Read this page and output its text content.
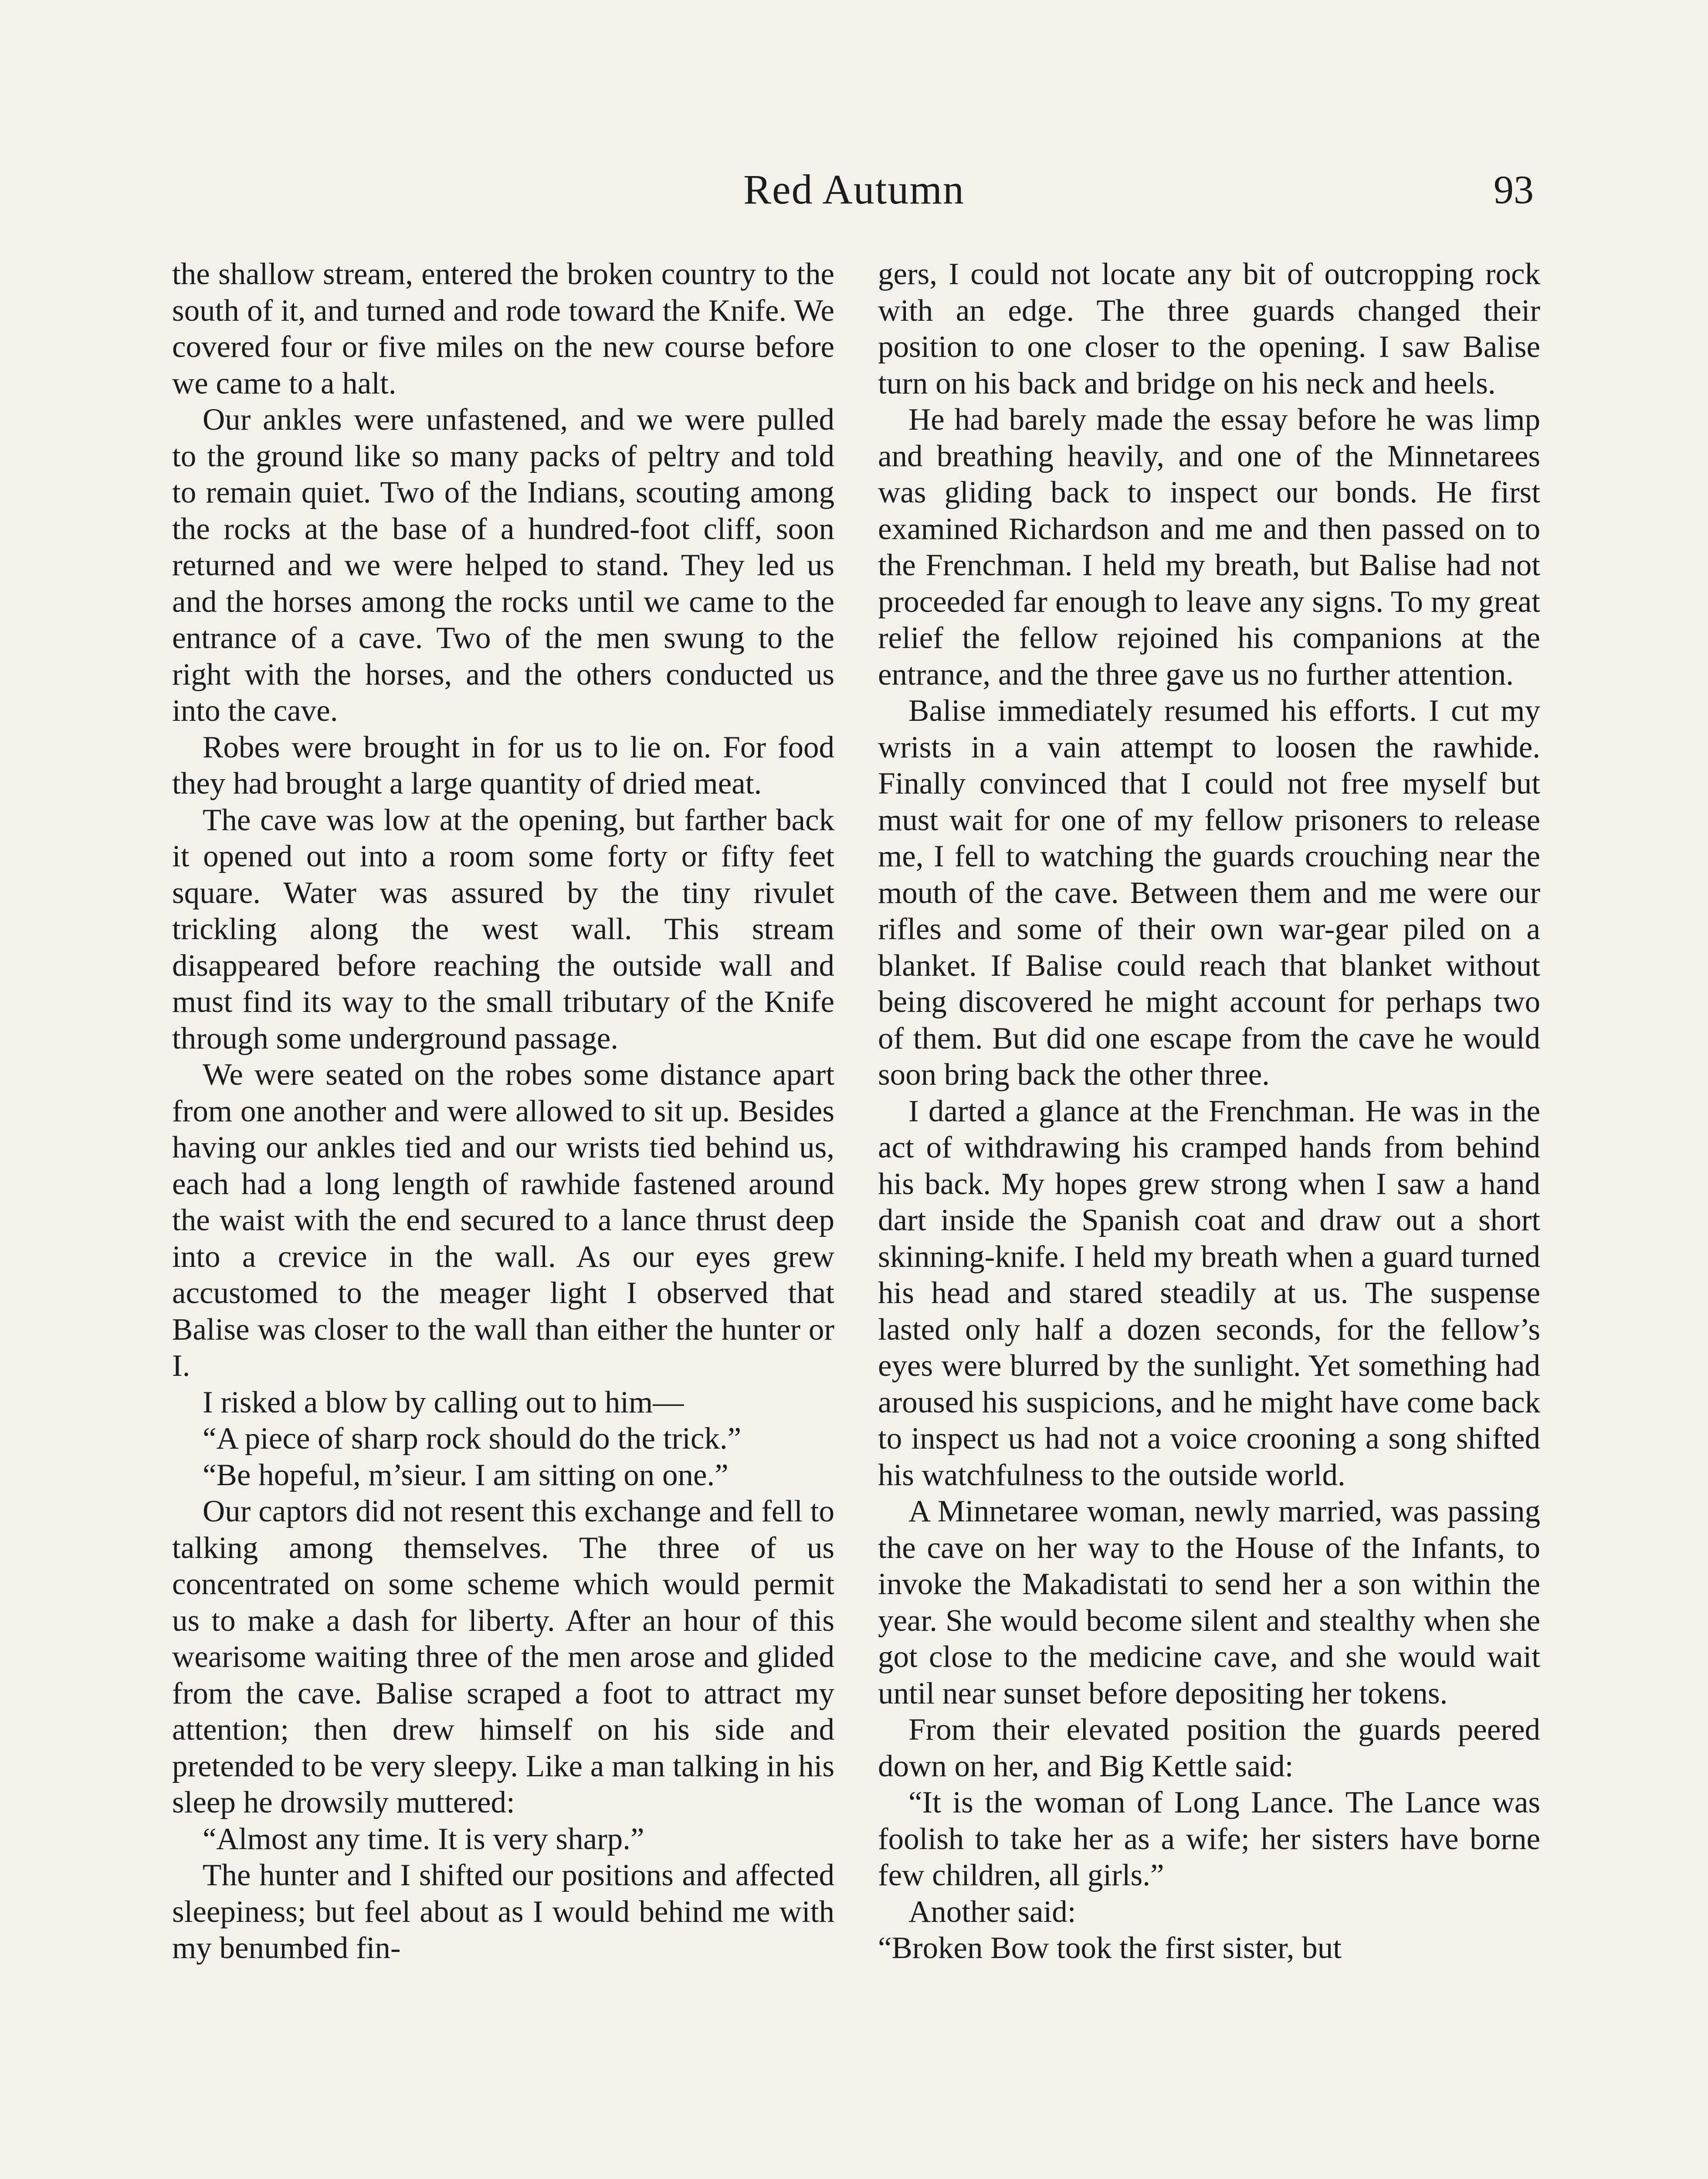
Red Autumn	93

the shallow stream, entered the broken country to the south of it, and turned and rode toward the Knife. We covered four or five miles on the new course before we came to a halt.

Our ankles were unfastened, and we were pulled to the ground like so many packs of peltry and told to remain quiet. Two of the Indians, scouting among the rocks at the base of a hundred-foot cliff, soon returned and we were helped to stand. They led us and the horses among the rocks until we came to the entrance of a cave. Two of the men swung to the right with the horses, and the others conducted us into the cave.

Robes were brought in for us to lie on. For food they had brought a large quantity of dried meat.

The cave was low at the opening, but farther back it opened out into a room some forty or fifty feet square. Water was assured by the tiny rivulet trickling along the west wall. This stream disappeared before reaching the outside wall and must find its way to the small tributary of the Knife through some underground passage.

We were seated on the robes some distance apart from one another and were allowed to sit up. Besides having our ankles tied and our wrists tied behind us, each had a long length of rawhide fastened around the waist with the end secured to a lance thrust deep into a crevice in the wall. As our eyes grew accustomed to the meager light I observed that Balise was closer to the wall than either the hunter or I.

I risked a blow by calling out to him—

“A piece of sharp rock should do the trick.”

“Be hopeful, m’sieur. I am sitting on one.”

Our captors did not resent this exchange and fell to talking among themselves. The three of us concentrated on some scheme which would permit us to make a dash for liberty. After an hour of this wearisome waiting three of the men arose and glided from the cave. Balise scraped a foot to attract my attention; then drew himself on his side and pretended to be very sleepy. Like a man talking in his sleep he drowsily muttered:

“Almost any time. It is very sharp.”

The hunter and I shifted our positions and affected sleepiness; but feel about as I would behind me with my benumbed fin-

gers, I could not locate any bit of outcropping rock with an edge. The three guards changed their position to one closer to the opening. I saw Balise turn on his back and bridge on his neck and heels.

He had barely made the essay before he was limp and breathing heavily, and one of the Minnetarees was gliding back to inspect our bonds. He first examined Richardson and me and then passed on to the Frenchman. I held my breath, but Balise had not proceeded far enough to leave any signs. To my great relief the fellow rejoined his companions at the entrance, and the three gave us no further attention.

Balise immediately resumed his efforts. I cut my wrists in a vain attempt to loosen the rawhide. Finally convinced that I could not free myself but must wait for one of my fellow prisoners to release me, I fell to watching the guards crouching near the mouth of the cave. Between them and me were our rifles and some of their own war-gear piled on a blanket. If Balise could reach that blanket without being discovered he might account for perhaps two of them. But did one escape from the cave he would soon bring back the other three.

I darted a glance at the Frenchman. He was in the act of withdrawing his cramped hands from behind his back. My hopes grew strong when I saw a hand dart inside the Spanish coat and draw out a short skinning-knife. I held my breath when a guard turned his head and stared steadily at us. The suspense lasted only half a dozen seconds, for the fellow’s eyes were blurred by the sunlight. Yet something had aroused his suspicions, and he might have come back to inspect us had not a voice crooning a song shifted his watchfulness to the outside world.

A Minnetaree woman, newly married, was passing the cave on her way to the House of the Infants, to invoke the Makadistati to send her a son within the year. She would become silent and stealthy when she got close to the medicine cave, and she would wait until near sunset before depositing her tokens.

From their elevated position the guards peered down on her, and Big Kettle said:

“It is the woman of Long Lance. The Lance was foolish to take her as a wife; her sisters have borne few children, all girls.”

Another said:

“Broken Bow took the first sister, but
